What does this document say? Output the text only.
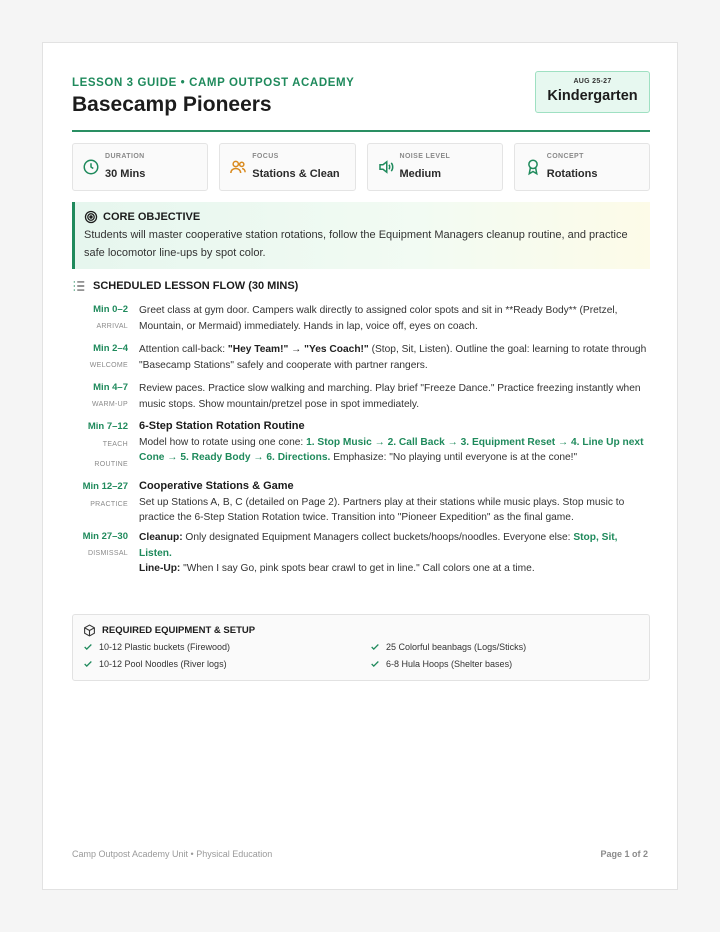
LESSON 3 GUIDE • CAMP OUTPOST ACADEMY
Basecamp Pioneers
AUG 25-27
Kindergarten
DURATION
30 Mins
FOCUS
Stations & Clean
NOISE LEVEL
Medium
CONCEPT
Rotations
CORE OBJECTIVE
Students will master cooperative station rotations, follow the Equipment Managers cleanup routine, and practice safe locomotor line-ups by spot color.
SCHEDULED LESSON FLOW (30 MINS)
Min 0–2
ARRIVAL
Greet class at gym door. Campers walk directly to assigned color spots and sit in **Ready Body** (Pretzel, Mountain, or Mermaid) immediately. Hands in lap, voice off, eyes on coach.
Min 2–4
WELCOME
Attention call-back: "Hey Team!" → "Yes Coach!" (Stop, Sit, Listen). Outline the goal: learning to rotate through "Basecamp Stations" safely and cooperate with partner rangers.
Min 4–7
WARM-UP
Review paces. Practice slow walking and marching. Play brief "Freeze Dance." Practice freezing instantly when music stops. Show mountain/pretzel pose in spot immediately.
Min 7–12
TEACH
ROUTINE
6-Step Station Rotation Routine
Model how to rotate using one cone: 1. Stop Music → 2. Call Back → 3. Equipment Reset → 4. Line Up next Cone → 5. Ready Body → 6. Directions. Emphasize: "No playing until everyone is at the cone!"
Min 12–27
PRACTICE
Cooperative Stations & Game
Set up Stations A, B, C (detailed on Page 2). Partners play at their stations while music plays. Stop music to practice the 6-Step Station Rotation twice. Transition into "Pioneer Expedition" as the final game.
Min 27–30
DISMISSAL
Cleanup: Only designated Equipment Managers collect buckets/hoops/noodles. Everyone else: Stop, Sit, Listen.
Line-Up: "When I say Go, pink spots bear crawl to get in line." Call colors one at a time.
REQUIRED EQUIPMENT & SETUP
10-12 Plastic buckets (Firewood)	25 Colorful beanbags (Logs/Sticks)
10-12 Pool Noodles (River logs)	6-8 Hula Hoops (Shelter bases)
Camp Outpost Academy Unit • Physical Education	Page 1 of 2
